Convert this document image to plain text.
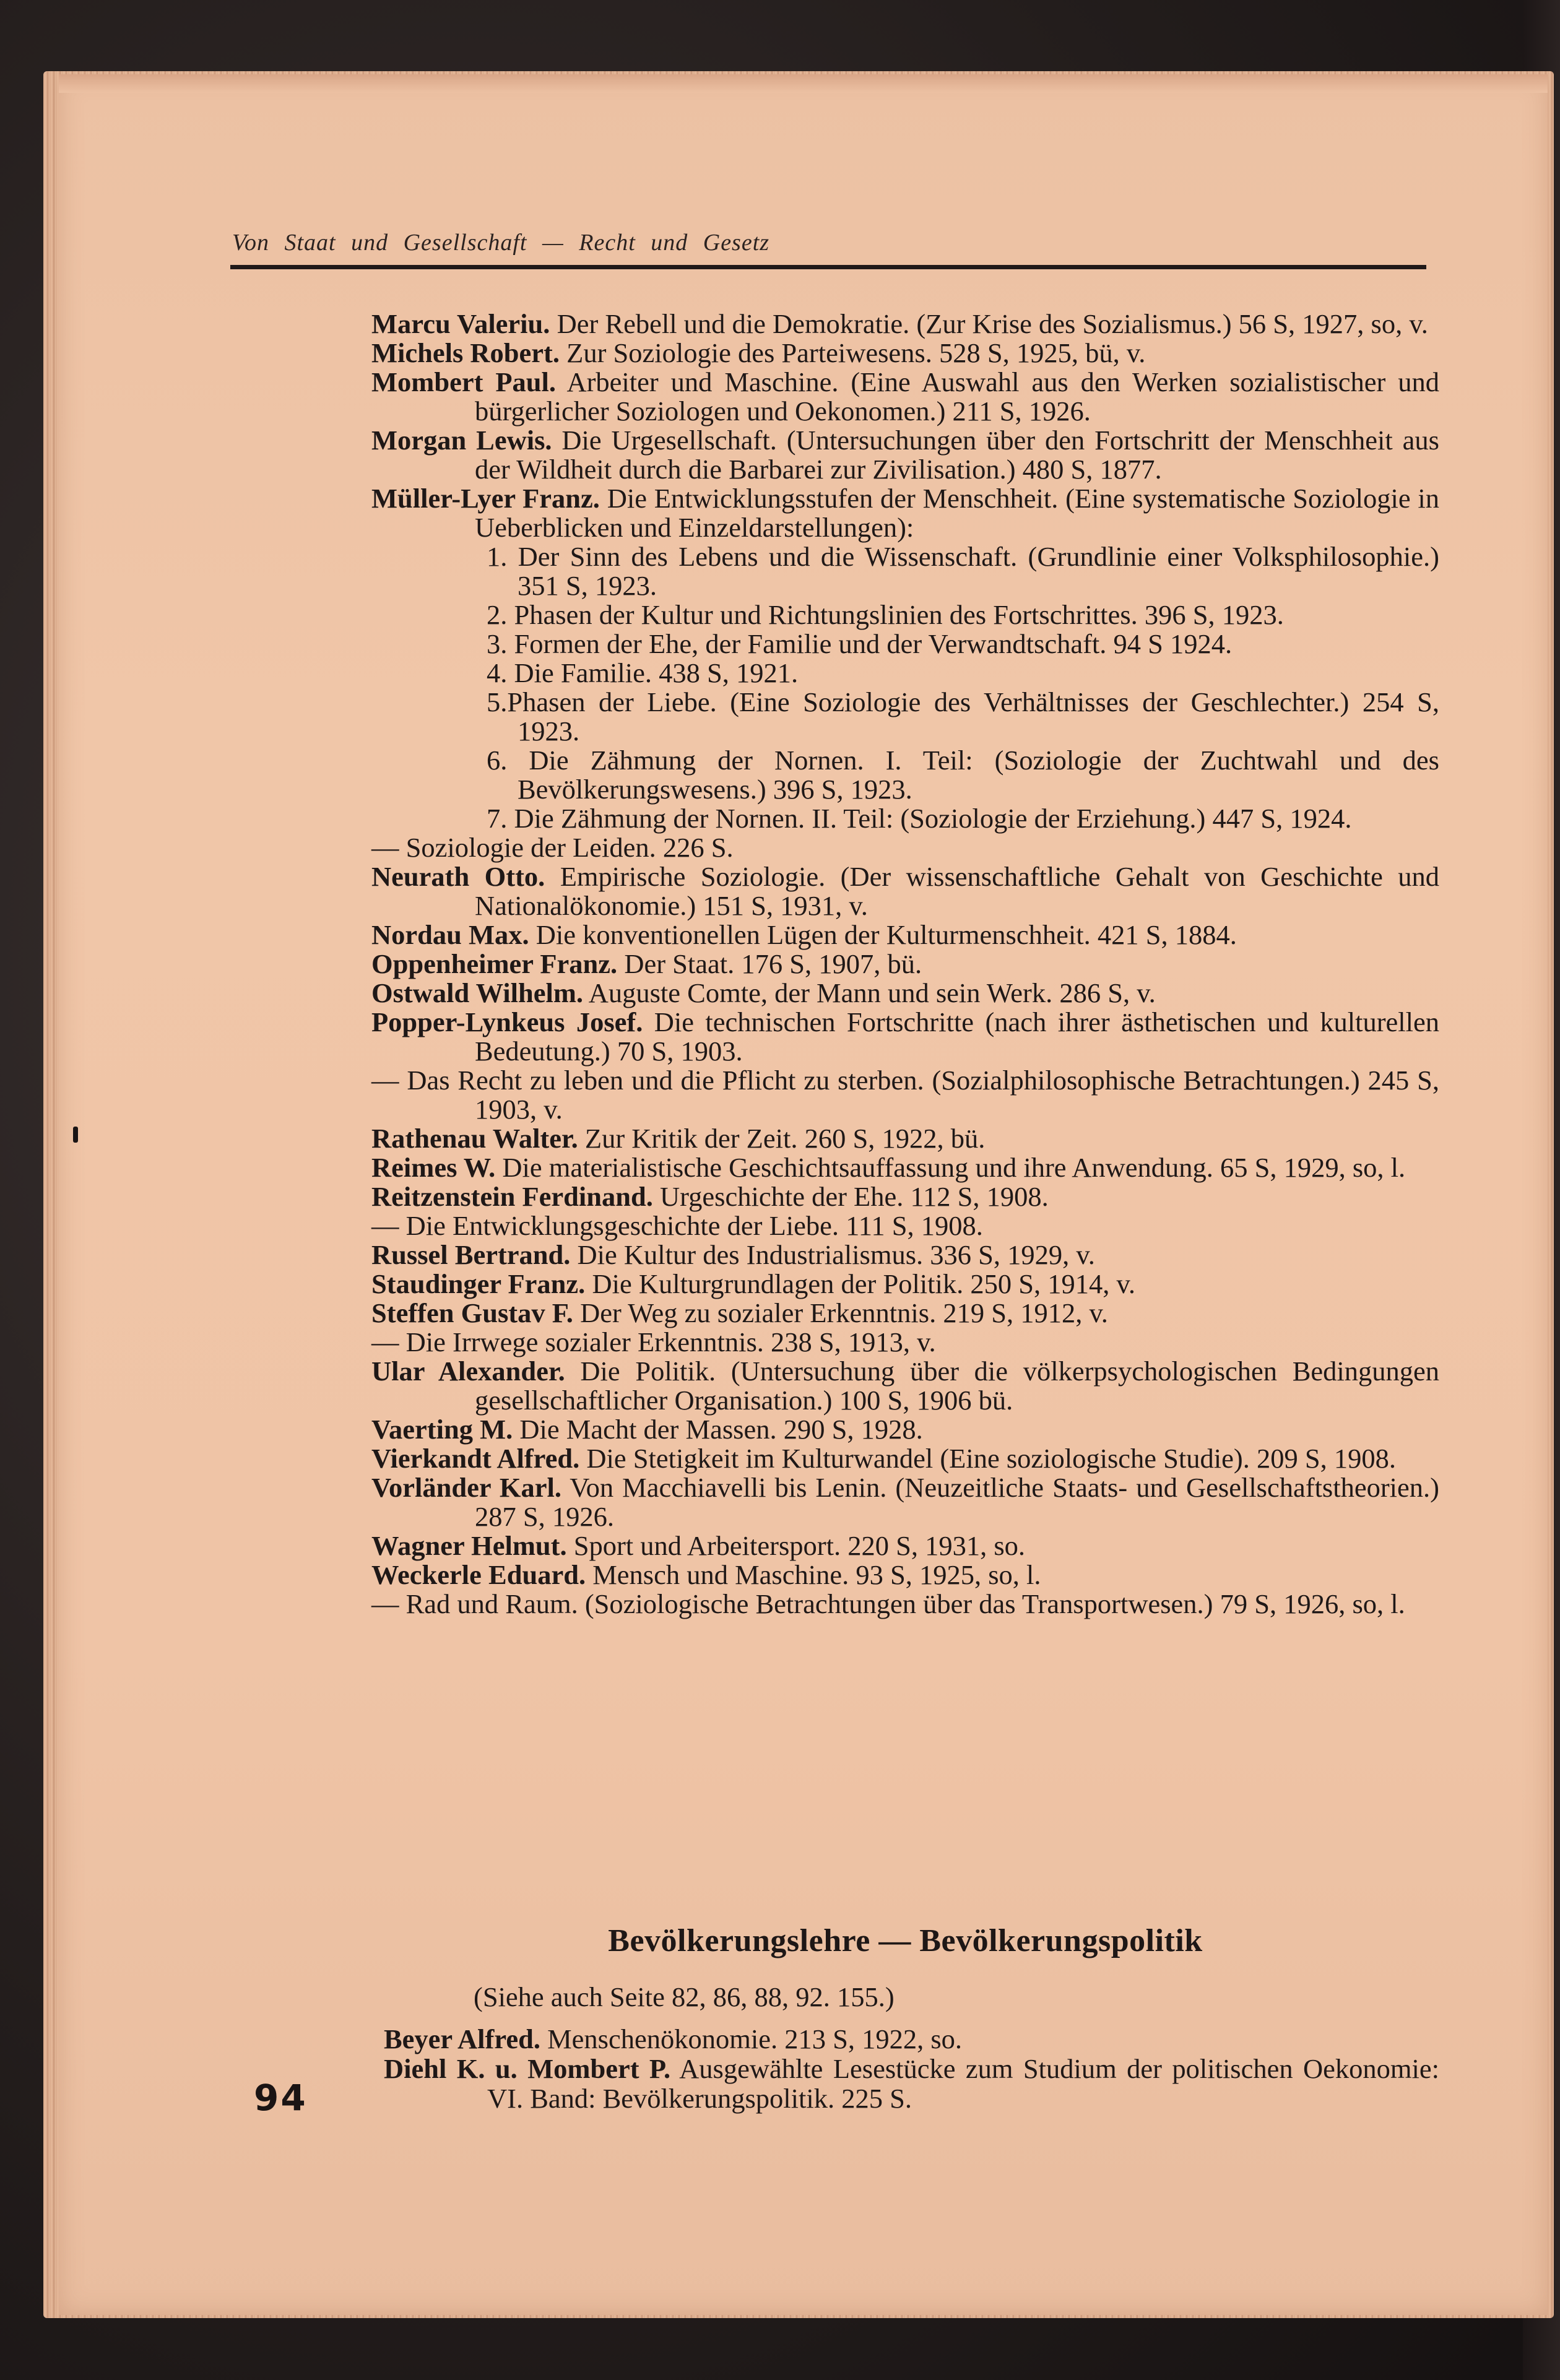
Von Staat und Gesellschaft — Recht und Gesetz

Marcu Valeriu. Der Rebell und die Demokratie. (Zur Krise des Sozialismus.) 56 S, 1927, so, v.

Michels Robert. Zur Soziologie des Parteiwesens. 528 S, 1925, bü, v.

Mombert Paul. Arbeiter und Maschine. (Eine Auswahl aus den Werken sozialistischer und bürgerlicher Soziologen und Oekonomen.) 211 S, 1926.

Morgan Lewis. Die Urgesellschaft. (Untersuchungen über den Fortschritt der Menschheit aus der Wildheit durch die Barbarei zur Zivilisation.) 480 S, 1877.

Müller-Lyer Franz. Die Entwicklungsstufen der Menschheit. (Eine systematische Soziologie in Ueberblicken und Einzeldarstellungen):

1. Der Sinn des Lebens und die Wissenschaft. (Grundlinie einer Volksphilosophie.) 351 S, 1923.

2. Phasen der Kultur und Richtungslinien des Fortschrittes. 396 S, 1923.

3. Formen der Ehe, der Familie und der Verwandtschaft. 94 S 1924.

4. Die Familie. 438 S, 1921.

5.Phasen der Liebe. (Eine Soziologie des Verhältnisses der Geschlechter.) 254 S, 1923.

6. Die Zähmung der Nornen. I. Teil: (Soziologie der Zuchtwahl und des Bevölkerungswesens.) 396 S, 1923.

7. Die Zähmung der Nornen. II. Teil: (Soziologie der Erziehung.) 447 S, 1924.

— Soziologie der Leiden. 226 S.

Neurath Otto. Empirische Soziologie. (Der wissenschaftliche Gehalt von Geschichte und Nationalökonomie.) 151 S, 1931, v.

Nordau Max. Die konventionellen Lügen der Kulturmenschheit. 421 S, 1884.

Oppenheimer Franz. Der Staat. 176 S, 1907, bü.

Ostwald Wilhelm. Auguste Comte, der Mann und sein Werk. 286 S, v.

Popper-Lynkeus Josef. Die technischen Fortschritte (nach ihrer ästhetischen und kulturellen Bedeutung.) 70 S, 1903.

— Das Recht zu leben und die Pflicht zu sterben. (Sozialphilosophische Betrachtungen.) 245 S, 1903, v.

Rathenau Walter. Zur Kritik der Zeit. 260 S, 1922, bü.

Reimes W. Die materialistische Geschichtsauffassung und ihre Anwendung. 65 S, 1929, so, l.

Reitzenstein Ferdinand. Urgeschichte der Ehe. 112 S, 1908.

— Die Entwicklungsgeschichte der Liebe. 111 S, 1908.

Russel Bertrand. Die Kultur des Industrialismus. 336 S, 1929, v.

Staudinger Franz. Die Kulturgrundlagen der Politik. 250 S, 1914, v.

Steffen Gustav F. Der Weg zu sozialer Erkenntnis. 219 S, 1912, v.

— Die Irrwege sozialer Erkenntnis. 238 S, 1913, v.

Ular Alexander. Die Politik. (Untersuchung über die völkerpsychologischen Bedingungen gesellschaftlicher Organisation.) 100 S, 1906 bü.

Vaerting M. Die Macht der Massen. 290 S, 1928.

Vierkandt Alfred. Die Stetigkeit im Kulturwandel (Eine soziologische Studie). 209 S, 1908.

Vorländer Karl. Von Macchiavelli bis Lenin. (Neuzeitliche Staats- und Gesellschaftstheorien.) 287 S, 1926.

Wagner Helmut. Sport und Arbeitersport. 220 S, 1931, so.

Weckerle Eduard. Mensch und Maschine. 93 S, 1925, so, l.

— Rad und Raum. (Soziologische Betrachtungen über das Transportwesen.) 79 S, 1926, so, l.

Bevölkerungslehre — Bevölkerungspolitik
(Siehe auch Seite 82, 86, 88, 92. 155.)

Beyer Alfred. Menschenökonomie. 213 S, 1922, so.

Diehl K. u. Mombert P. Ausgewählte Lesestücke zum Studium der politischen Oekonomie: VI. Band: Bevölkerungspolitik. 225 S.

94
